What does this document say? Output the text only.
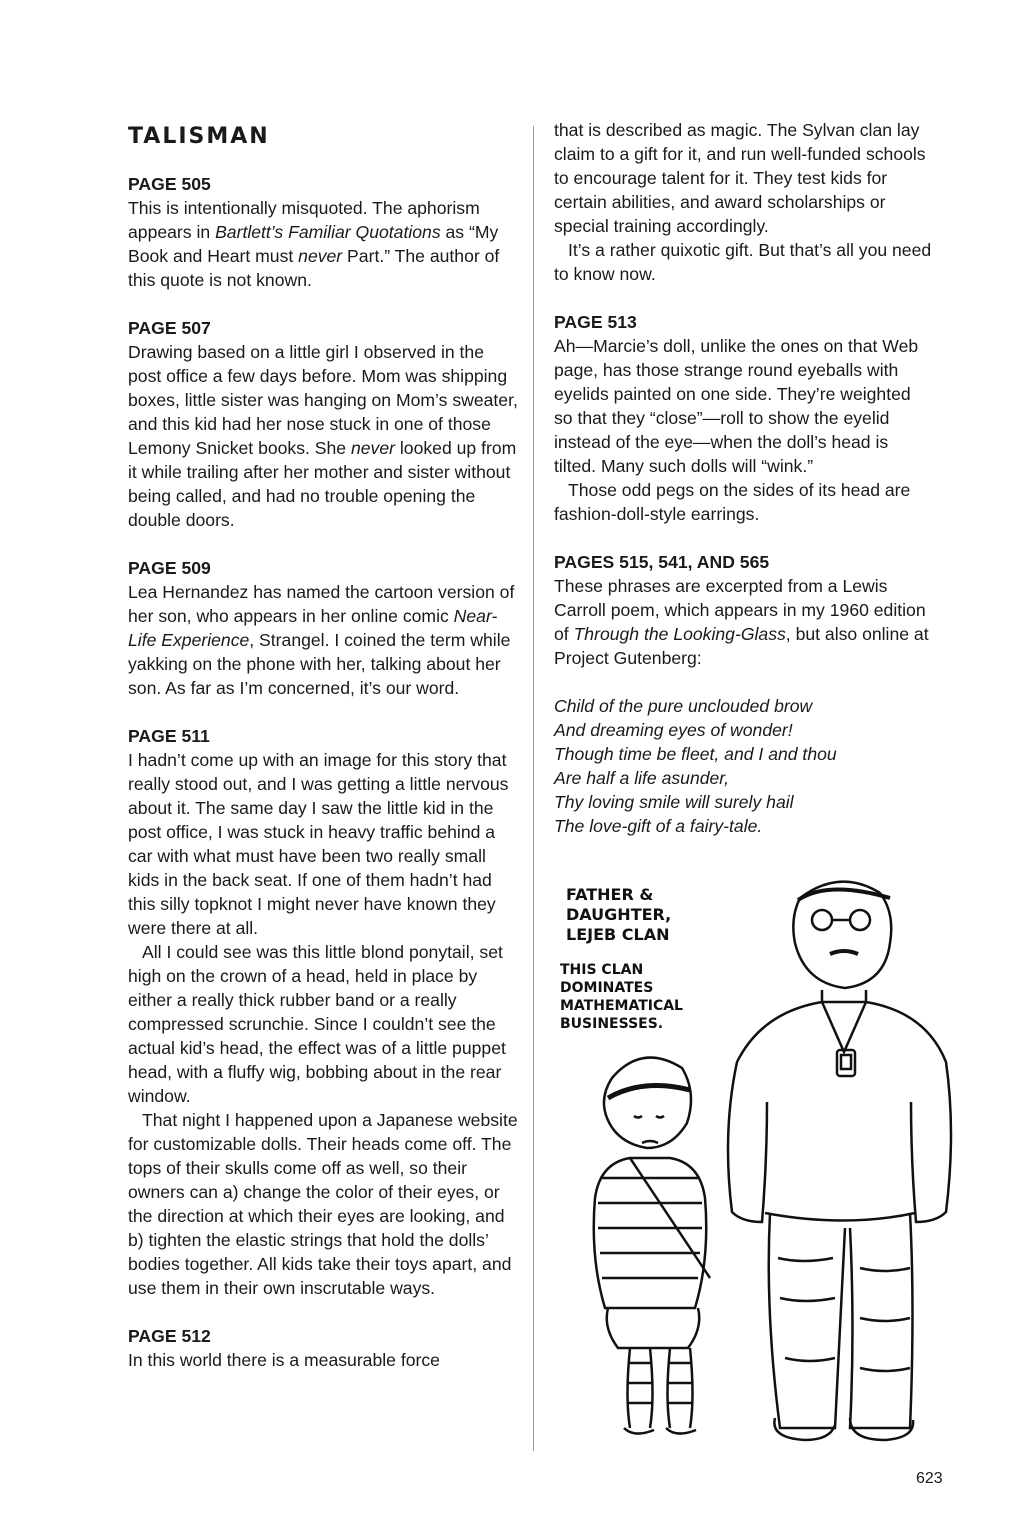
TALISMAN

PAGE 505

This is intentionally misquoted. The aphorism appears in Bartlett’s Familiar Quotations as “My Book and Heart must never Part.” The author of this quote is not known.

PAGE 507

Drawing based on a little girl I observed in the post office a few days before. Mom was shipping boxes, little sister was hanging on Mom’s sweater, and this kid had her nose stuck in one of those Lemony Snicket books. She never looked up from it while trailing after her mother and sister without being called, and had no trouble opening the double doors.

PAGE 509

Lea Hernandez has named the cartoon version of her son, who appears in her online comic Near-Life Experience, Strangel. I coined the term while yakking on the phone with her, talking about her son. As far as I’m concerned, it’s our word.

PAGE 511

I hadn’t come up with an image for this story that really stood out, and I was getting a little nervous about it. The same day I saw the little kid in the post office, I was stuck in heavy traffic behind a car with what must have been two really small kids in the back seat. If one of them hadn’t had this silly topknot I might never have known they were there at all.

All I could see was this little blond ponytail, set high on the crown of a head, held in place by either a really thick rubber band or a really compressed scrunchie. Since I couldn’t see the actual kid’s head, the effect was of a little puppet head, with a fluffy wig, bobbing about in the rear window.

That night I happened upon a Japanese website for customizable dolls. Their heads come off. The tops of their skulls come off as well, so their owners can a) change the color of their eyes, or the direction at which their eyes are looking, and b) tighten the elastic strings that hold the dolls’ bodies together. All kids take their toys apart, and use them in their own inscrutable ways.

PAGE 512

In this world there is a measurable force

that is described as magic. The Sylvan clan lay claim to a gift for it, and run well-funded schools to encourage talent for it. They test kids for certain abilities, and award scholarships or special training accordingly.

It’s a rather quixotic gift. But that’s all you need to know now.

PAGE 513

Ah—Marcie’s doll, unlike the ones on that Web page, has those strange round eyeballs with eyelids painted on one side. They’re weighted so that they “close”—roll to show the eyelid instead of the eye—when the doll’s head is tilted. Many such dolls will “wink.”

Those odd pegs on the sides of its head are fashion-doll-style earrings.

PAGES 515, 541, AND 565

These phrases are excerpted from a Lewis Carroll poem, which appears in my 1960 edition of Through the Looking-Glass, but also online at Project Gutenberg:

Child of the pure unclouded brow

And dreaming eyes of wonder!

Though time be fleet, and I and thou

Are half a life asunder,

Thy loving smile will surely hail

The love-gift of a fairy-tale.

FATHER &
DAUGHTER,
LEJEB CLAN
THIS CLAN
DOMINATES
MATHEMATICAL
BUSINESSES.
623
